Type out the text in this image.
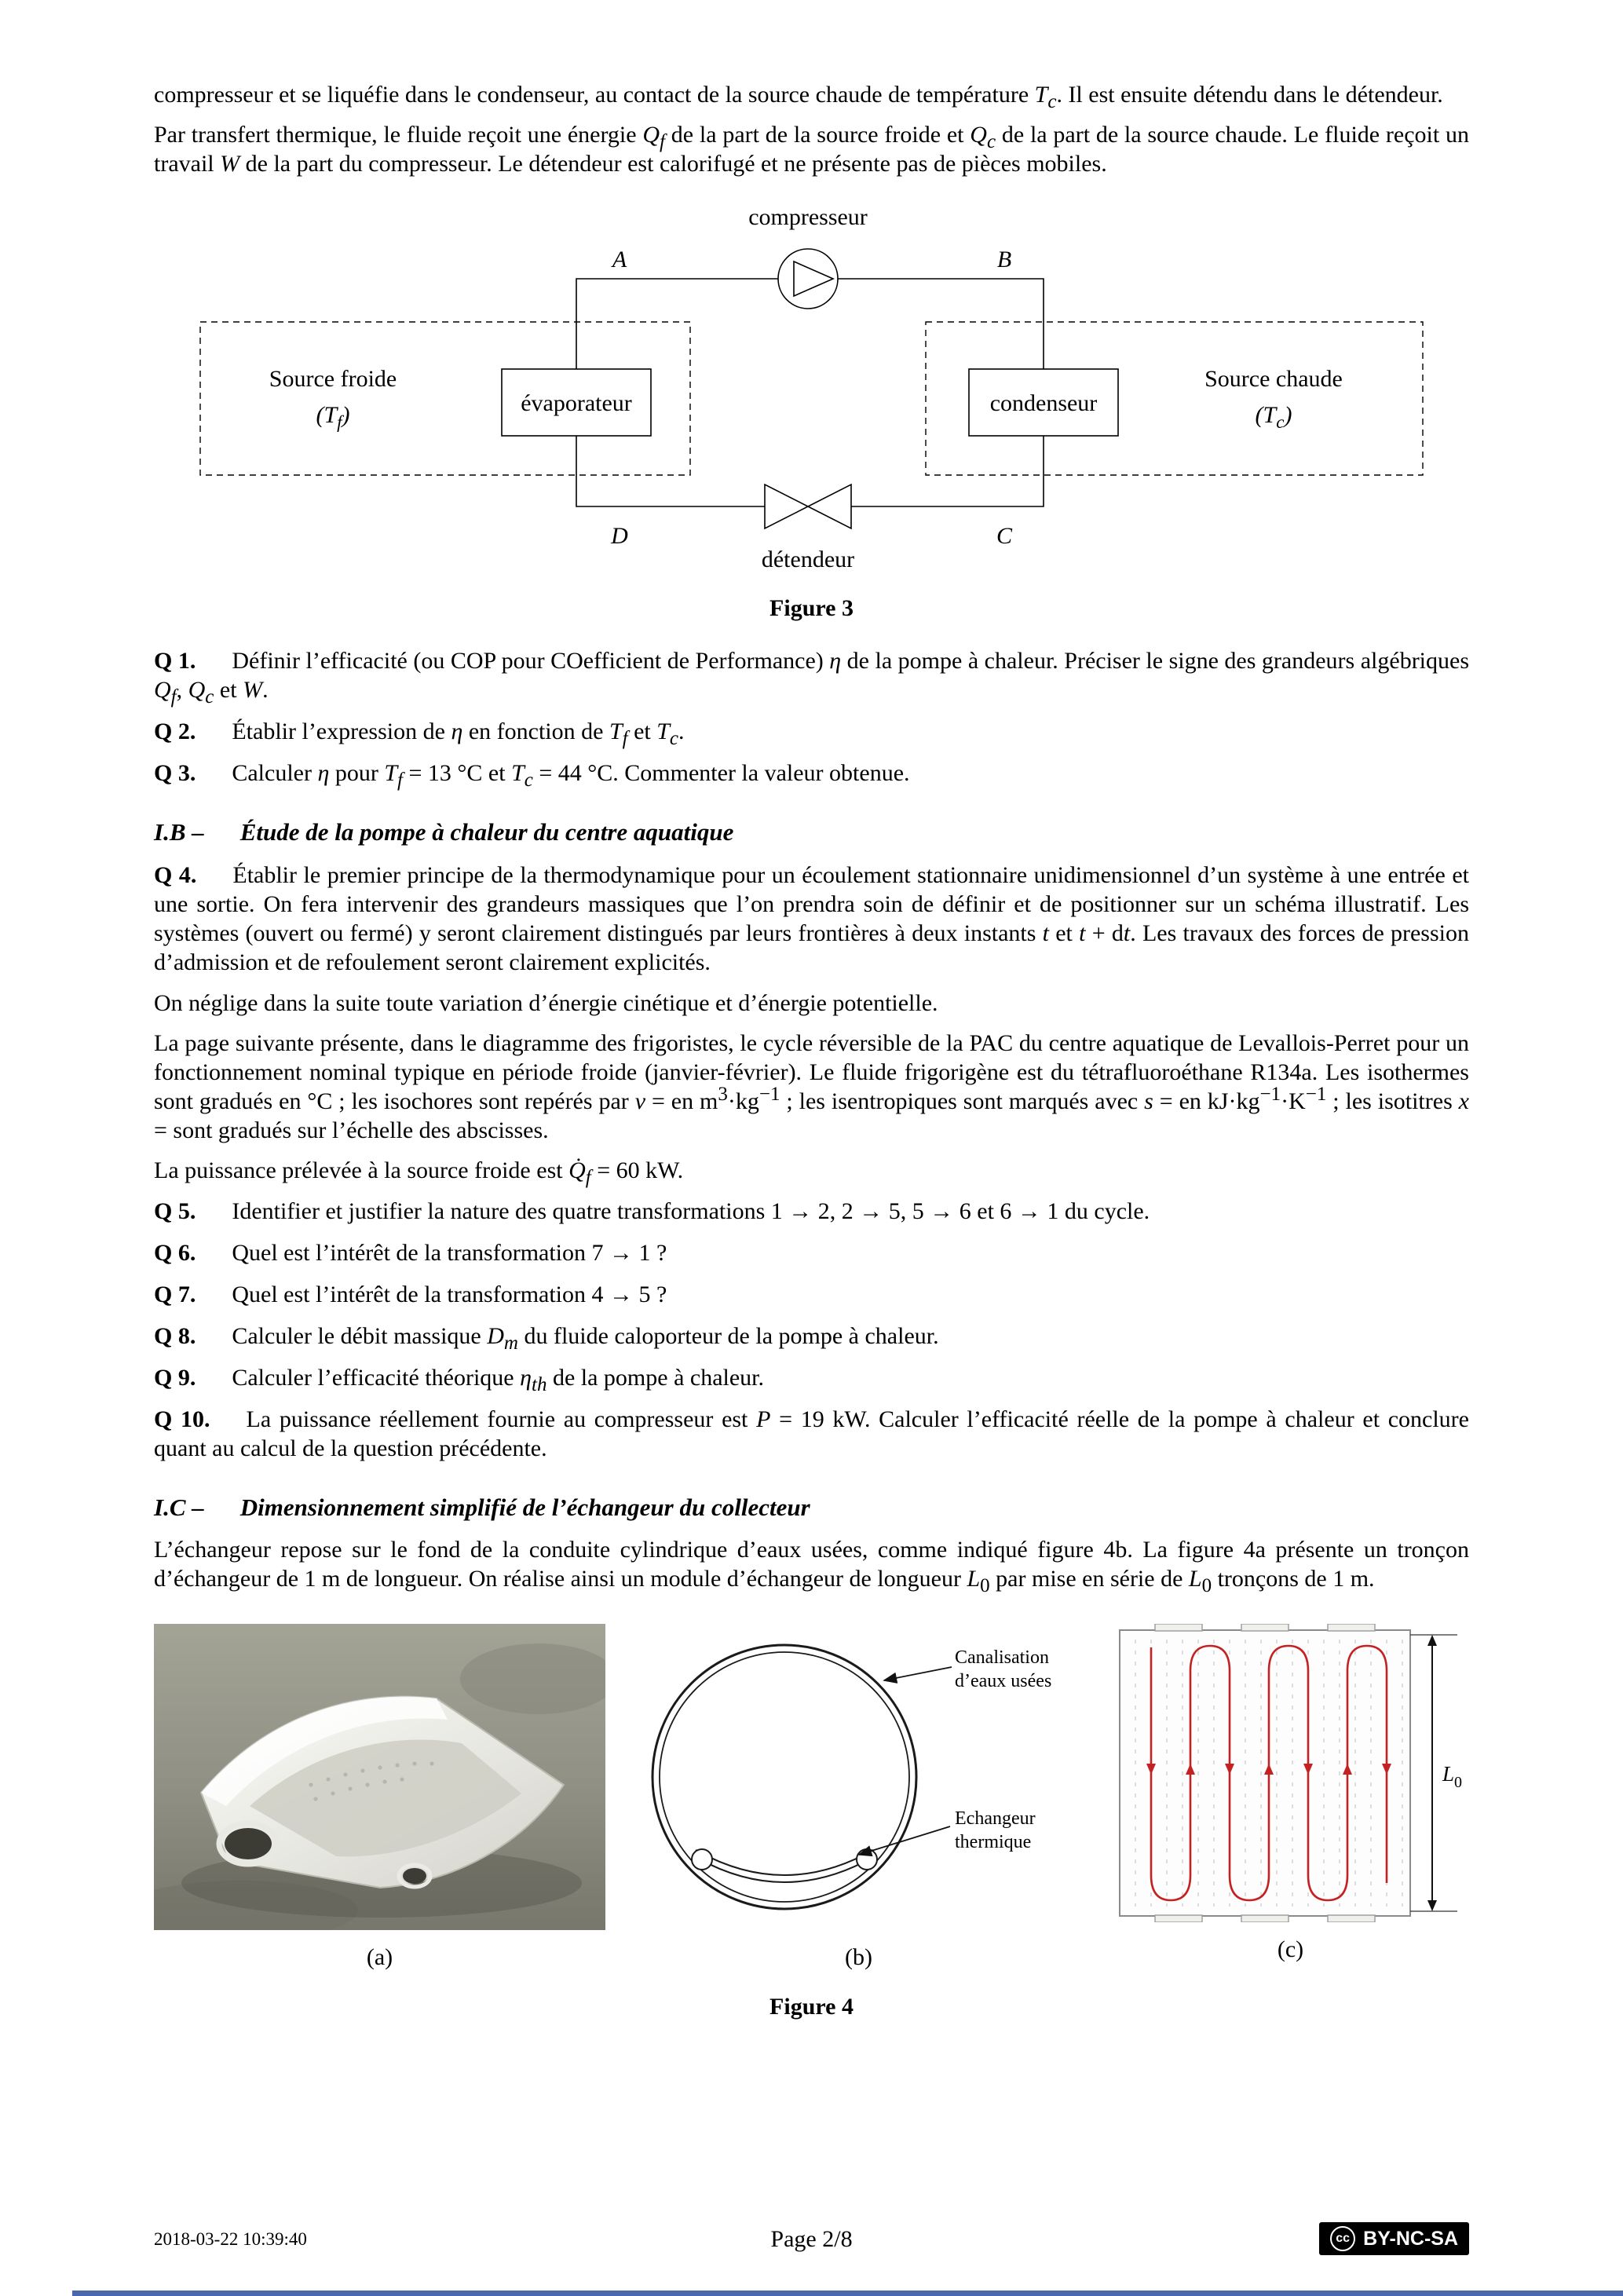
compresseur et se liquéfie dans le condenseur, au contact de la source chaude de température $T_c$. Il est ensuite détendu dans le détendeur.

Par transfert thermique, le fluide reçoit une énergie $Q_f$ de la part de la source froide et $Q_c$ de la part de la source chaude. Le fluide reçoit un travail W de la part du compresseur. Le détendeur est calorifugé et ne présente pas de pièces mobiles.

compresseur
A	B
D	C
Source froide
$(T_f)$
Source chaude
$(T_c)$
évaporateur	condenseur
détendeur
Figure 3

Q 1. Définir l’efficacité (ou COP pour COefficient de Performance) η de la pompe à chaleur. Préciser le signe des grandeurs algébriques $Q_f$, $Q_c$ et W.

Q 2. Établir l’expression de η en fonction de $T_f$ et $T_c$.

Q 3. Calculer η pour $T_f = 13$ °C et $T_c = 44$ °C. Commenter la valeur obtenue.

I.B – Étude de la pompe à chaleur du centre aquatique

Q 4. Établir le premier principe de la thermodynamique pour un écoulement stationnaire unidimensionnel d’un système à une entrée et une sortie. On fera intervenir des grandeurs massiques que l’on prendra soin de définir et de positionner sur un schéma illustratif. Les systèmes (ouvert ou fermé) y seront clairement distingués par leurs frontières à deux instants t et t + dt. Les travaux des forces de pression d’admission et de refoulement seront clairement explicités.

On néglige dans la suite toute variation d’énergie cinétique et d’énergie potentielle.

La page suivante présente, dans le diagramme des frigoristes, le cycle réversible de la PAC du centre aquatique de Levallois-Perret pour un fonctionnement nominal typique en période froide (janvier-février). Le fluide frigorigène est du tétrafluoroéthane R134a. Les isothermes sont gradués en °C ; les isochores sont repérés par v = en $m^3\cdot kg^{-1}$ ; les isentropiques sont marqués avec s = en $kJ\cdot kg^{-1}\cdot K^{-1}$ ; les isotitres x = sont gradués sur l’échelle des abscisses.

La puissance prélevée à la source froide est $Q̇_f = 60$ kW.

Q 5. Identifier et justifier la nature des quatre transformations 1 → 2, 2 → 5, 5 → 6 et 6 → 1 du cycle.

Q 6. Quel est l’intérêt de la transformation 7 → 1 ?

Q 7. Quel est l’intérêt de la transformation 4 → 5 ?

Q 8. Calculer le débit massique $D_m$ du fluide caloporteur de la pompe à chaleur.

Q 9. Calculer l’efficacité théorique $\eta_{th}$ de la pompe à chaleur.

Q 10. La puissance réellement fournie au compresseur est P = 19 kW. Calculer l’efficacité réelle de la pompe à chaleur et conclure quant au calcul de la question précédente.

I.C – Dimensionnement simplifié de l’échangeur du collecteur

L’échangeur repose sur le fond de la conduite cylindrique d’eaux usées, comme indiqué figure 4b. La figure 4a présente un tronçon d’échangeur de 1 m de longueur. On réalise ainsi un module d’échangeur de longueur $L_0$ par mise en série de $L_0$ tronçons de 1 m.

(a)
Canalisation
d’eaux usées
Echangeur
thermique
(b)
$L_0$
(c)
Figure 4
2018-03-22 10:39:40	Page 2/8	cc BY-NC-SA
